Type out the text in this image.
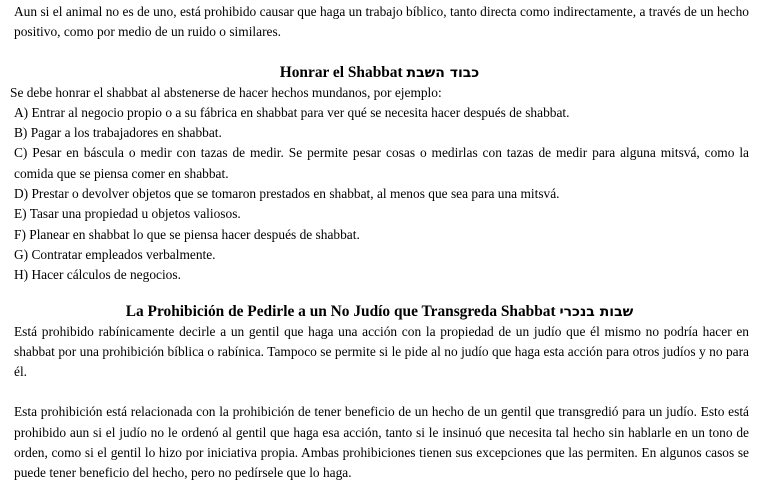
Aun si el animal no es de uno, está prohibido causar que haga un trabajo bíblico, tanto directa como indirectamente, a través de un hecho positivo, como por medio de un ruido o similares.

Honrar el Shabbat כבוד השבת

Se debe honrar el shabbat al abstenerse de hacer hechos mundanos, por ejemplo:

A) Entrar al negocio propio o a su fábrica en shabbat para ver qué se necesita hacer después de shabbat.

B) Pagar a los trabajadores en shabbat.

C) Pesar en báscula o medir con tazas de medir. Se permite pesar cosas o medirlas con tazas de medir para alguna mitsvá, como la comida que se piensa comer en shabbat.

D) Prestar o devolver objetos que se tomaron prestados en shabbat, al menos que sea para una mitsvá.

E) Tasar una propiedad u objetos valiosos.

F) Planear en shabbat lo que se piensa hacer después de shabbat.

G) Contratar empleados verbalmente.

H) Hacer cálculos de negocios.

La Prohibición de Pedirle a un No Judío que Transgreda Shabbat שבות בנכרי

Está prohibido rabínicamente decirle a un gentil que haga una acción con la propiedad de un judío que él mismo no podría hacer en shabbat por una prohibición bíblica o rabínica. Tampoco se permite si le pide al no judío que haga esta acción para otros judíos y no para él.

Esta prohibición está relacionada con la prohibición de tener beneficio de un hecho de un gentil que transgredió para un judío. Esto está prohibido aun si el judío no le ordenó al gentil que haga esa acción, tanto si le insinuó que necesita tal hecho sin hablarle en un tono de orden, como si el gentil lo hizo por iniciativa propia. Ambas prohibiciones tienen sus excepciones que las permiten. En algunos casos se puede tener beneficio del hecho, pero no pedírsele que lo haga.
